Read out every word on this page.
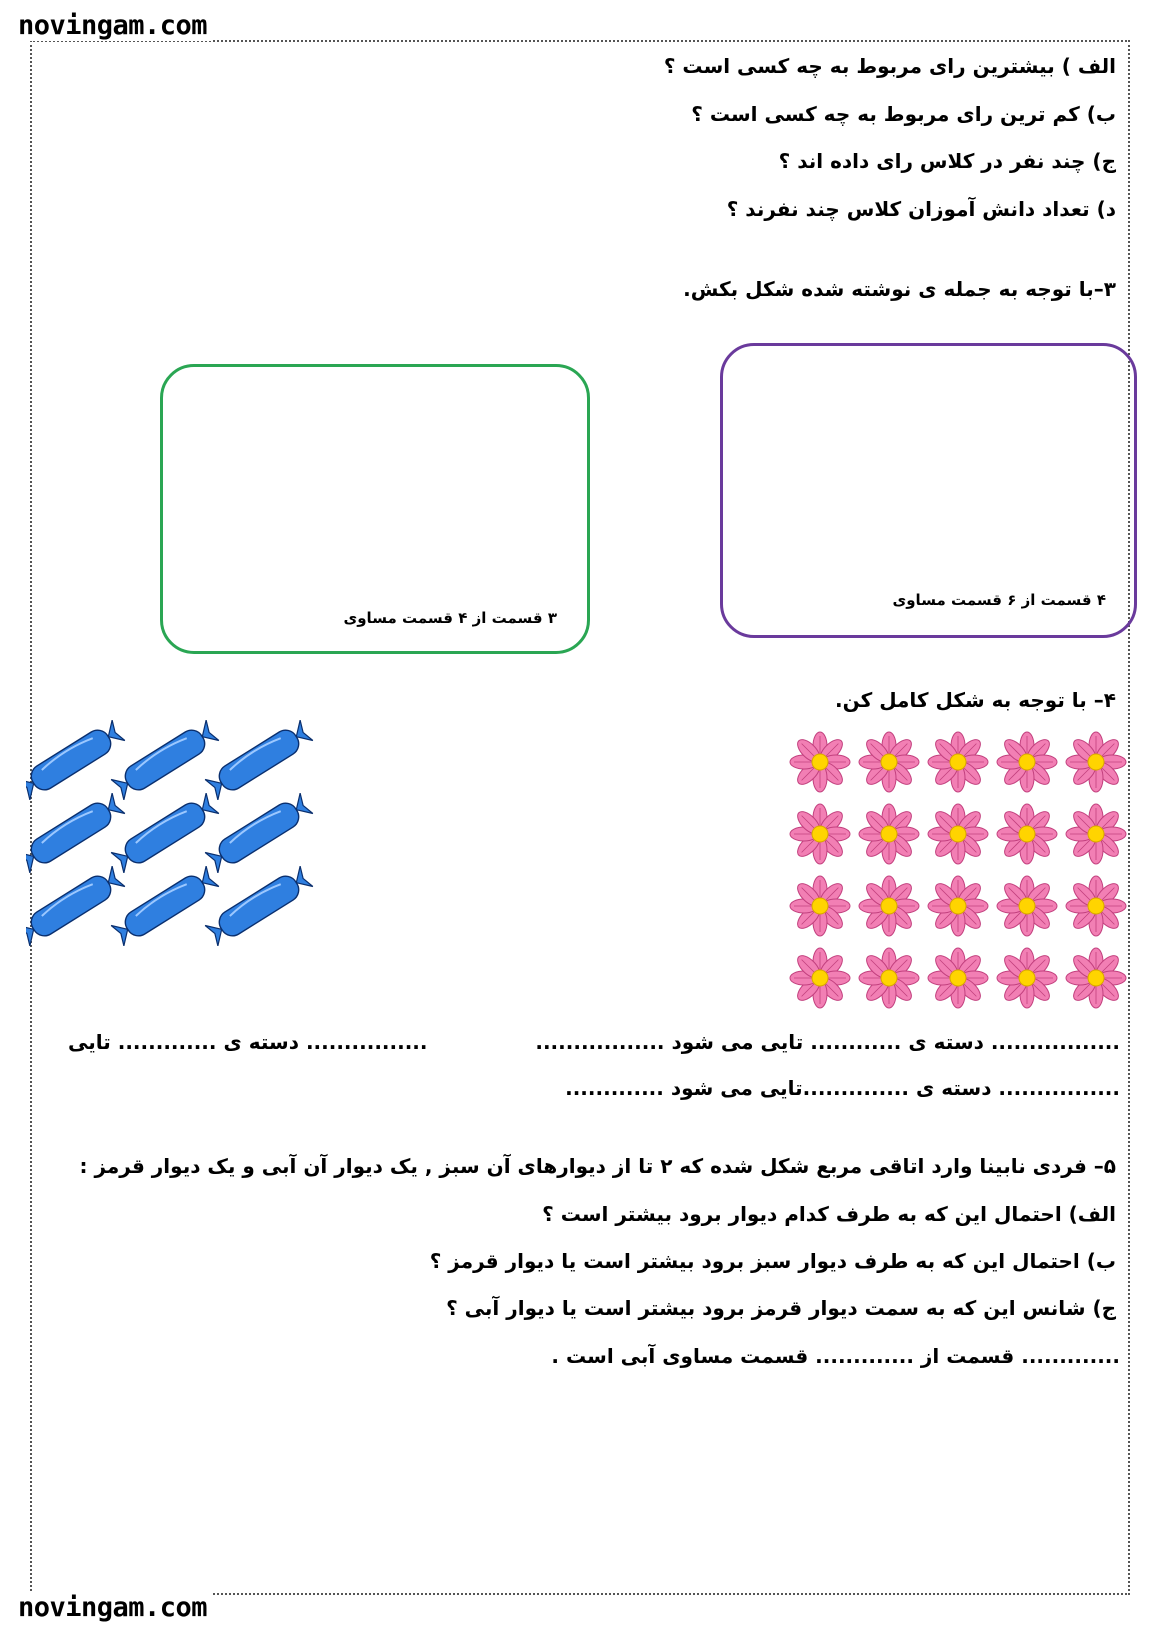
novingam.com
novingam.com
الف ) بیشترین رای مربوط به چه کسی است ؟
ب) کم ترین رای مربوط به چه کسی است ؟
ج) چند نفر در کلاس رای داده اند ؟
د) تعداد دانش آموزان کلاس چند نفرند ؟
۳–با توجه به جمله ی نوشته شده شکل بکش.
۴ قسمت از ۶ قسمت مساوی
۳ قسمت از ۴ قسمت مساوی
۴– با توجه به شکل کامل کن.
................. دسته ی ............ تایی می شود .................
................ دسته ی ............. تایی
................ دسته ی ..............تایی می شود .............
۵– فردی نابینا وارد اتاقی مربع شکل شده که ۲ تا از دیوارهای آن سبز , یک دیوار آن آبی و یک دیوار قرمز :
الف) احتمال این که به طرف کدام دیوار برود بیشتر است ؟
ب) احتمال این که به طرف دیوار سبز برود بیشتر است یا دیوار قرمز ؟
ج) شانس این که به سمت دیوار قرمز برود بیشتر است یا دیوار آبی ؟
............. قسمت از ............. قسمت مساوی آبی است .
